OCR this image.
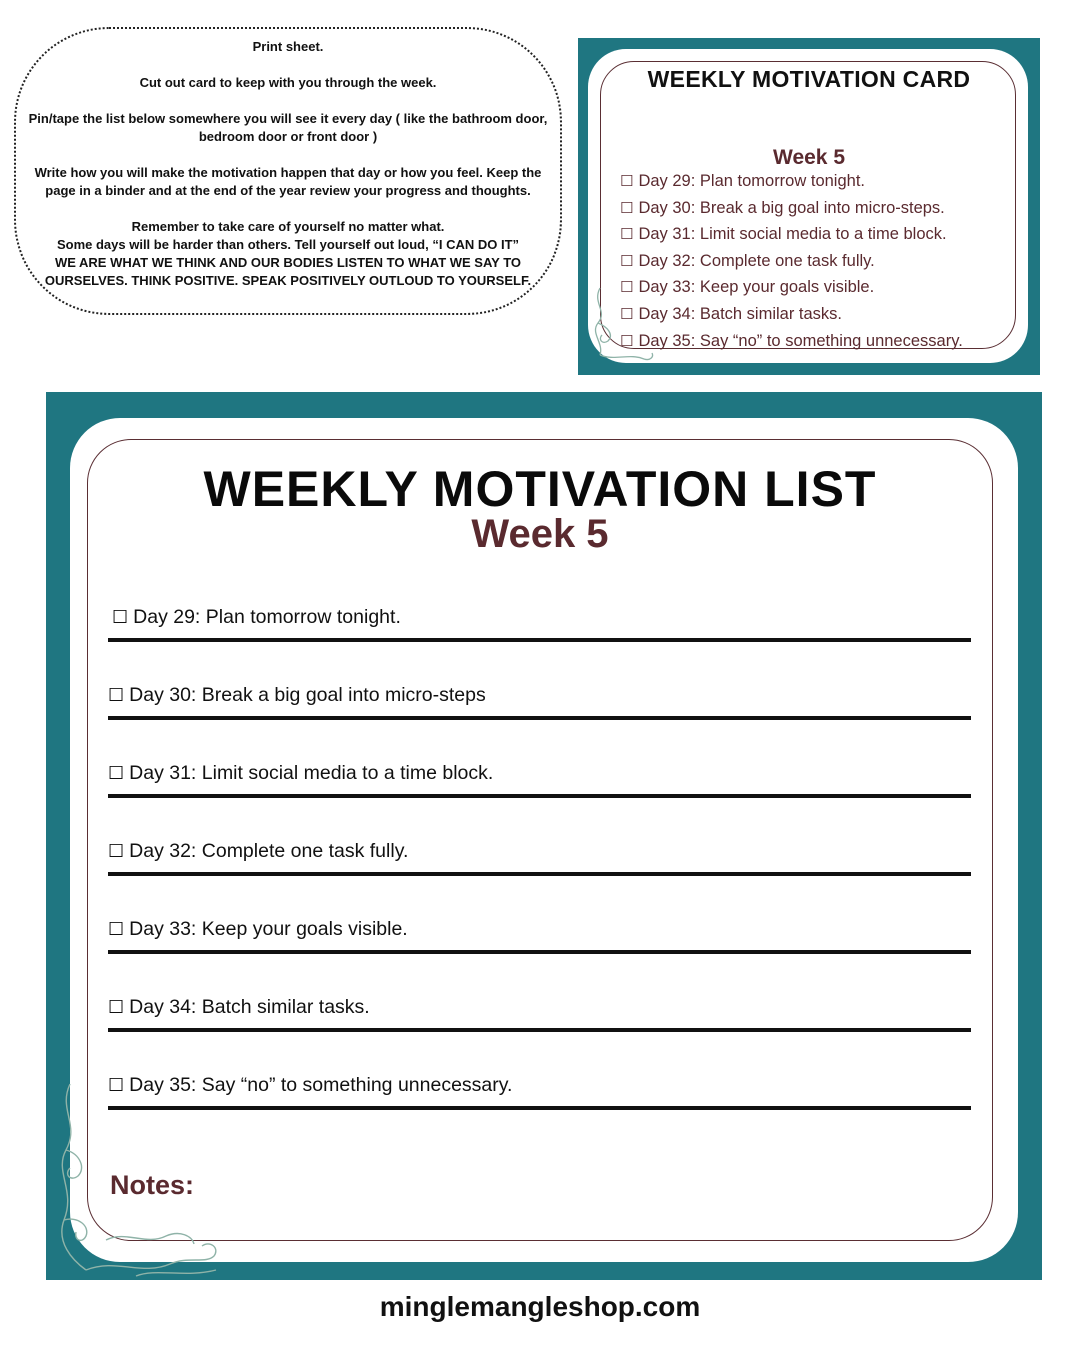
Print sheet.

Cut out card to keep with you through the week.

Pin/tape the list below somewhere you will see it every day ( like the bathroom door, bedroom door or front door )

Write how you will make the motivation happen that day or how you feel. Keep the page in a binder and at the end of the year review your progress and thoughts.

Remember to take care of yourself no matter what.

Some days will be harder than others. Tell yourself out loud, “I CAN DO IT”

WE ARE WHAT WE THINK AND OUR BODIES LISTEN TO WHAT WE SAY TO OURSELVES. THINK POSITIVE. SPEAK POSITIVELY OUTLOUD TO YOURSELF.

WEEKLY MOTIVATION CARD
Week 5
☐ Day 29: Plan tomorrow tonight.
☐ Day 30: Break a big goal into micro-steps.
☐ Day 31: Limit social media to a time block.
☐ Day 32: Complete one task fully.
☐ Day 33: Keep your goals visible.
☐ Day 34: Batch similar tasks.
☐ Day 35: Say “no” to something unnecessary.
WEEKLY MOTIVATION LIST
Week 5
☐ Day 29: Plan tomorrow tonight.
☐ Day 30: Break a big goal into micro-steps
☐ Day 31: Limit social media to a time block.
☐ Day 32: Complete one task fully.
☐ Day 33: Keep your goals visible.
☐ Day 34: Batch similar tasks.
☐ Day 35: Say “no” to something unnecessary.
Notes:
minglemangleshop.com
